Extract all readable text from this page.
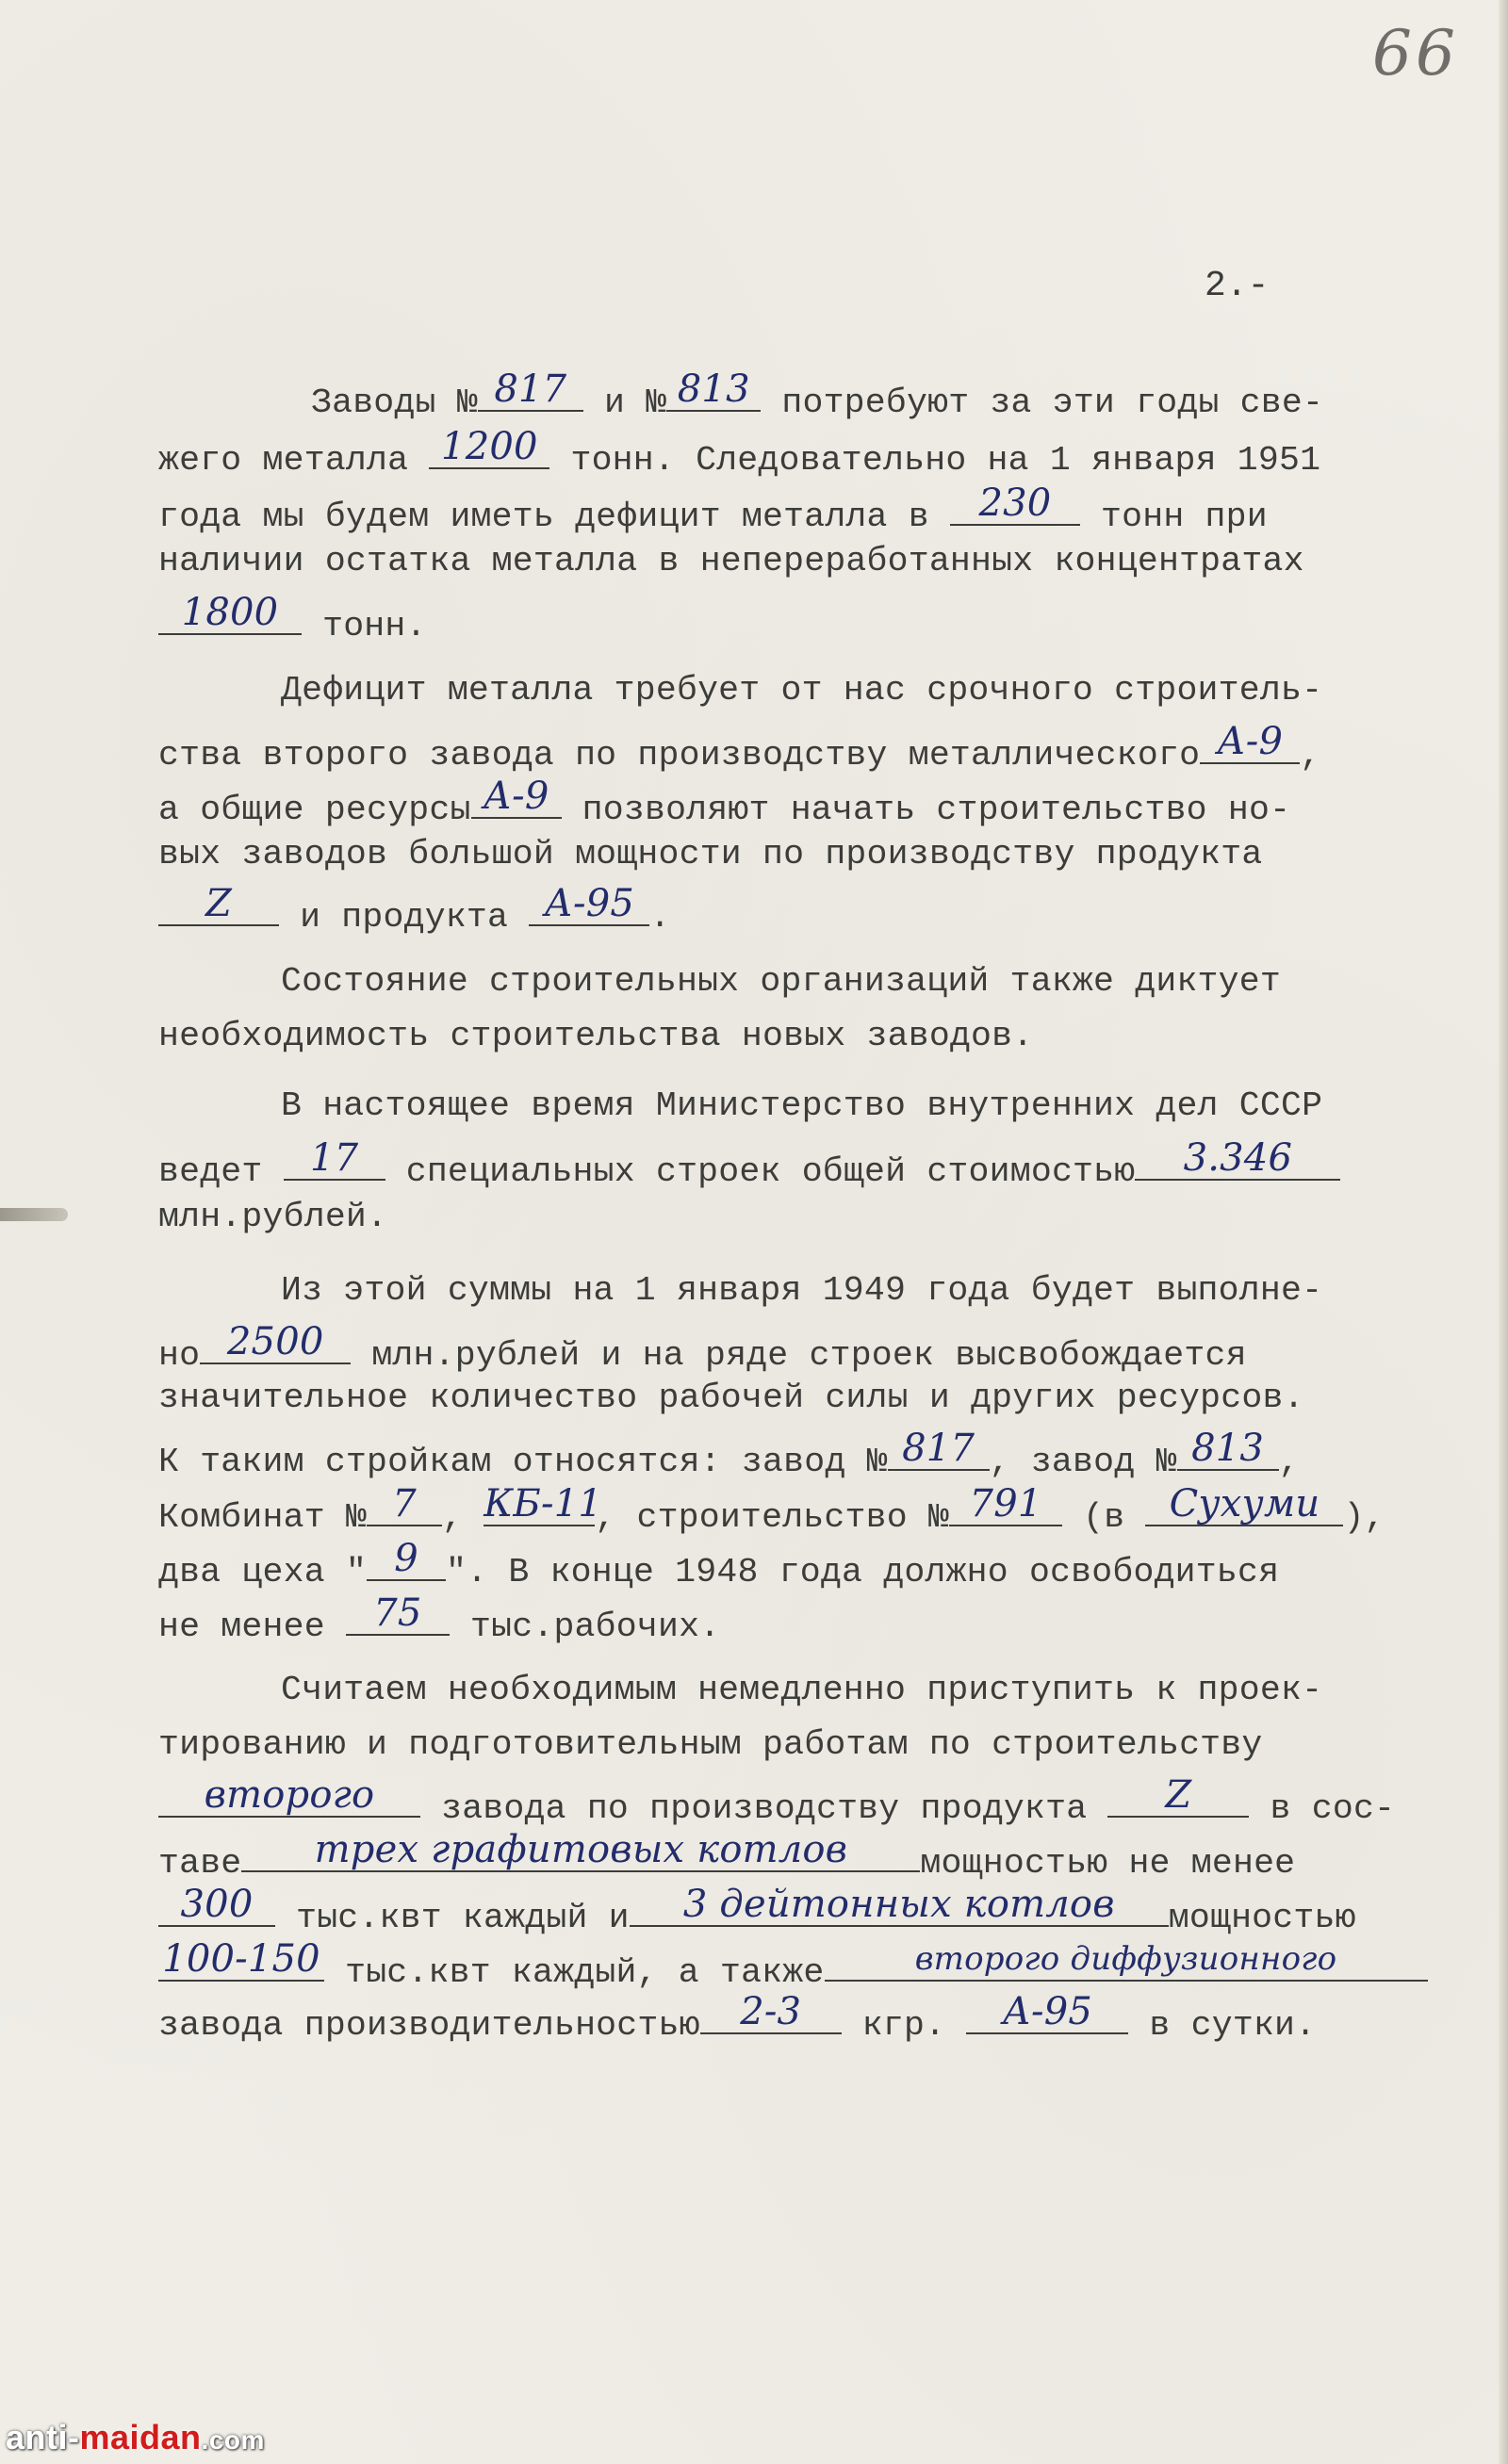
66
2.-
Заводы № 817 и № 813 потребуют за эти годы све-
жего металла 1200 тонн. Следовательно на 1 января 1951
года мы будем иметь дефицит металла в 230 тонн при
наличии остатка металла в непереработанных концентратах
1800 тонн.
Дефицит металла требует от нас срочного строитель-
ства второго завода по производству металлического А-9 ,
а общие ресурсы А-9 позволяют начать строительство но-
вых заводов большой мощности по производству продукта
Z	и продукта А-95 .
Состояние строительных организаций также диктует
необходимость строительства новых заводов.
В настоящее время Министерство внутренних дел СССР
ведет 17 специальных строек общей стоимостью	3.346
млн.рублей.
Из этой суммы на 1 января 1949 года будет выполне-
но 2500 млн.рублей и на ряде строек высвобождается
значительное количество рабочей силы и других ресурсов.
К таким стройкам относятся: завод № 817 , завод № 813 ,
Комбинат № 7 , КБ-11
, строительство № 791 (в Сухуми ),
два цеха " 9 ". В конце 1948 года должно освободиться
не менее 75 тыс.рабочих.
Считаем необходимым немедленно приступить к проек-
тированию и подготовительным работам по строительству
второго	завода по производству продукта	Z	в сос-
таве	трех графитовых котлов	мощностью не менее
300 тыс.квт каждый и	3 дейтонных котлов	мощностью
100-150 тыс.квт каждый, а также	второго диффузионного
завода производительностью	2-3	кгр. А-95	в сутки.
anti-maidan.com
